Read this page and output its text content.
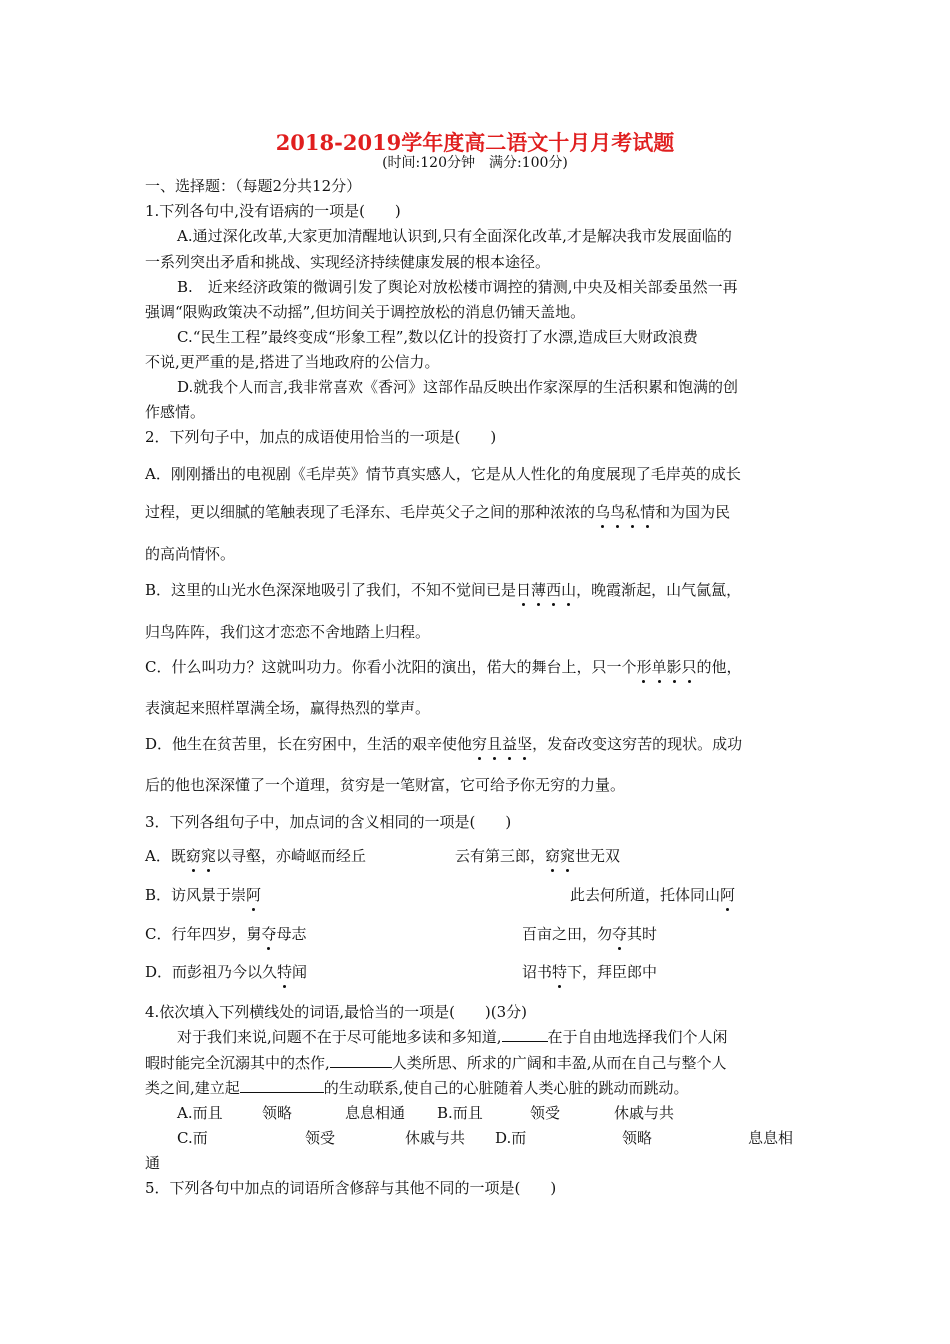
2018-2019学年度高二语文十月月考试题
(时间:120分钟　满分:100分)
一、选择题：（每题2分共12分）
1.下列各句中,没有语病的一项是(　　)
A.通过深化改革,大家更加清醒地认识到,只有全面深化改革,才是解决我市发展面临的
一系列突出矛盾和挑战、实现经济持续健康发展的根本途径。
B.　近来经济政策的微调引发了舆论对放松楼市调控的猜测,中央及相关部委虽然一再
强调“限购政策决不动摇”,但坊间关于调控放松的消息仍铺天盖地。
C.“民生工程”最终变成“形象工程”,数以亿计的投资打了水漂,造成巨大财政浪费
不说,更严重的是,搭进了当地政府的公信力。
D.就我个人而言,我非常喜欢《香河》这部作品反映出作家深厚的生活积累和饱满的创
作感情。
2．下列句子中，加点的成语使用恰当的一项是(　　)
A．刚刚播出的电视剧《毛岸英》情节真实感人，它是从人性化的角度展现了毛岸英的成长
过程，更以细腻的笔触表现了毛泽东、毛岸英父子之间的那种浓浓的乌鸟私情和为国为民
的高尚情怀。
B．这里的山光水色深深地吸引了我们，不知不觉间已是日薄西山，晚霞渐起，山气氤氲，
归鸟阵阵，我们这才恋恋不舍地踏上归程。
C．什么叫功力？这就叫功力。你看小沈阳的演出，偌大的舞台上，只一个形单影只的他，
表演起来照样罩满全场，赢得热烈的掌声。
D．他生在贫苦里，长在穷困中，生活的艰辛使他穷且益坚，发奋改变这穷苦的现状。成功
后的他也深深懂了一个道理，贫穷是一笔财富，它可给予你无穷的力量。
3．下列各组句子中，加点词的含义相同的一项是(　　)
A．既窈窕以寻壑，亦崎岖而经丘	云有第三郎，窈窕世无双
B．访风景于崇阿	此去何所道，托体同山阿
C．行年四岁，舅夺母志	百亩之田，勿夺其时
D．而彭祖乃今以久特闻	诏书特下，拜臣郎中
4.依次填入下列横线处的词语,最恰当的一项是(　　)(3分)
对于我们来说,问题不在于尽可能地多读和多知道,	在于自由地选择我们个人闲
暇时能完全沉溺其中的杰作,	人类所思、所求的广阔和丰盈,从而在自己与整个人
类之间,建立起	的生动联系,使自己的心脏随着人类心脏的跳动而跳动。
A.而且	领略	息息相通 B.而且	领受	休戚与共
C.而	领受	休戚与共 D.而	领略	息息相
通
5．下列各句中加点的词语所含修辞与其他不同的一项是(　　)
